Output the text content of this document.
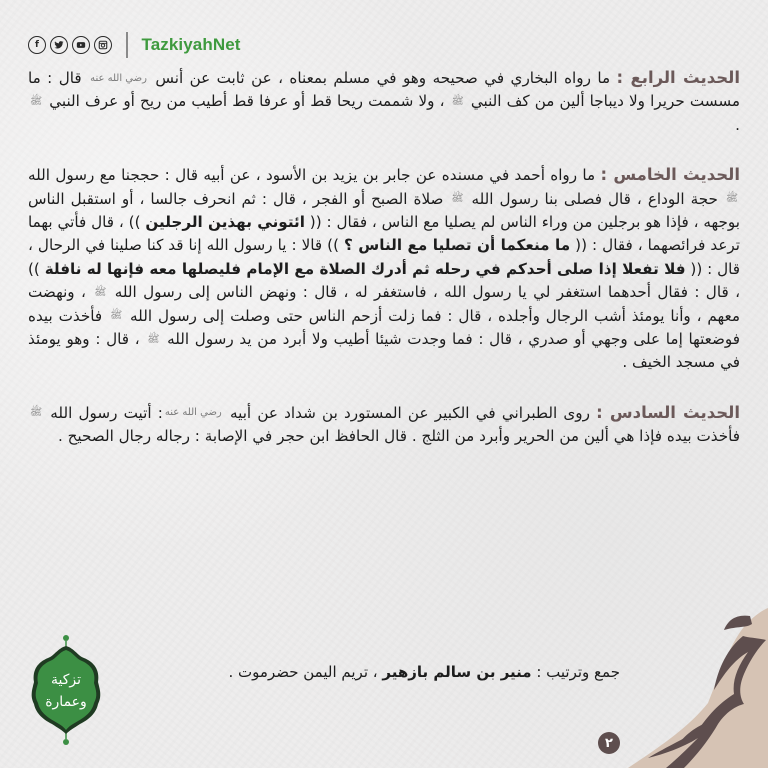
f	TazkiyahNet

الحديث الرابع : ما رواه البخاري في صحيحه وهو في مسلم بمعناه ، عن ثابت عن أنس رضي الله عنه قال : ما مسست حريرا ولا ديباجا ألين من كف النبي ﷺ ، ولا شممت ريحا قط أو عرفا قط أطيب من ريح أو عرف النبي ﷺ .

الحديث الخامس : ما رواه أحمد في مسنده عن جابر بن يزيد بن الأسود ، عن أبيه قال : حججنا مع رسول الله ﷺ حجة الوداع ، قال فصلى بنا رسول الله ﷺ صلاة الصبح أو الفجر ، قال : ثم انحرف جالسا ، أو استقبل الناس بوجهه ، فإذا هو برجلين من وراء الناس لم يصليا مع الناس ، فقال : (( ائتوني بهذين الرجلين )) ، قال فأتي بهما ترعد فرائصهما ، فقال : (( ما منعكما أن تصليا مع الناس ؟ )) قالا : يا رسول الله إنا قد كنا صلينا في الرحال ، قال : (( فلا تفعلا إذا صلى أحدكم في رحله ثم أدرك الصلاة مع الإمام فليصلها معه فإنها له نافلة )) ، قال : فقال أحدهما استغفر لي يا رسول الله ، فاستغفر له ، قال : ونهض الناس إلى رسول الله ﷺ ، ونهضت معهم ، وأنا يومئذ أشب الرجال وأجلده ، قال : فما زلت أزحم الناس حتى وصلت إلى رسول الله ﷺ فأخذت بيده فوضعتها إما على وجهي أو صدري ، قال : فما وجدت شيئا أطيب ولا أبرد من يد رسول الله ﷺ ، قال : وهو يومئذ في مسجد الخيف .

الحديث السادس : روى الطبراني في الكبير عن المستورد بن شداد عن أبيه رضي الله عنه: أتيت رسول الله ﷺ فأخذت بيده فإذا هي ألين من الحرير وأبرد من الثلج . قال الحافظ ابن حجر في الإصابة : رجاله رجال الصحيح .

جمع وترتيب : منير بن سالم بازهير ، تريم اليمن حضرموت .
تزكية
وعمارة
٢
